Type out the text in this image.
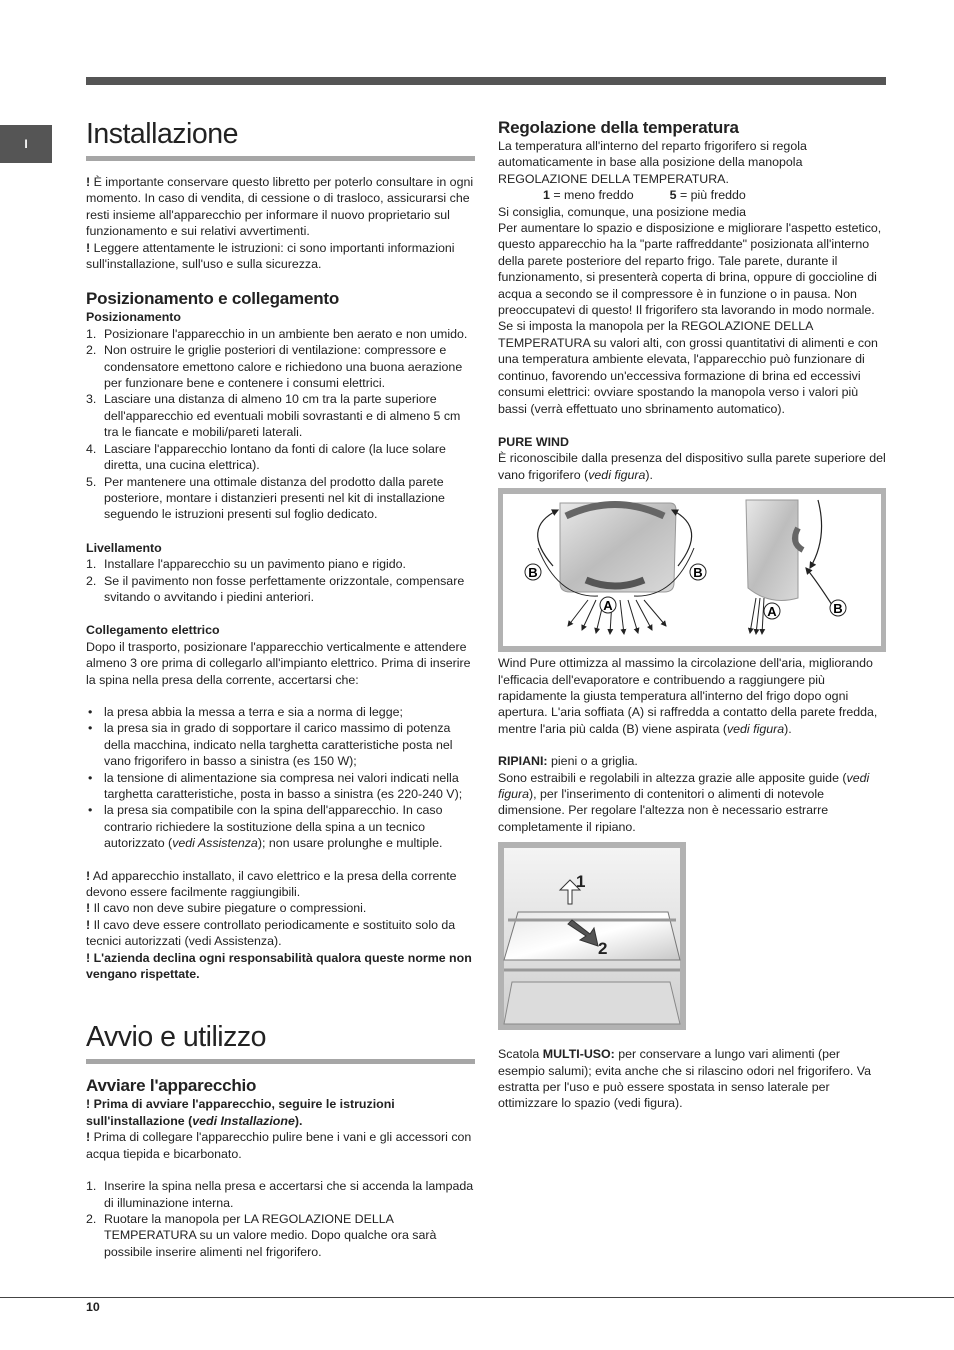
I Installazione

! È importante conservare questo libretto per poterlo consultare in ogni momento. In caso di vendita, di cessione o di trasloco, assicurarsi che resti insieme all'apparecchio per informare il nuovo proprietario sul funzionamento e sui relativi avvertimenti.

! Leggere attentamente le istruzioni: ci sono importanti informazioni sull'installazione, sull'uso e sulla sicurezza.

Posizionamento e collegamento
Posizionamento
1. Posizionare l'apparecchio in un ambiente ben aerato e non umido.
2. Non ostruire le griglie posteriori di ventilazione: compressore e condensatore emettono calore e richiedono una buona aerazione per funzionare bene e contenere i consumi elettrici.
3. Lasciare una distanza di almeno 10 cm tra la parte superiore dell'apparecchio ed eventuali mobili sovrastanti e di almeno 5 cm tra le fiancate e mobili/pareti laterali.
4. Lasciare l'apparecchio lontano da fonti di calore (la luce solare diretta, una cucina elettrica).
5. Per mantenere una ottimale distanza del prodotto dalla parete posteriore, montare i distanzieri presenti nel kit di installazione seguendo le istruzioni presenti sul foglio dedicato.
Livellamento
1. Installare l'apparecchio su un pavimento piano e rigido.
2. Se il pavimento non fosse perfettamente orizzontale, compensare svitando o avvitando i piedini anteriori.
Collegamento elettrico

Dopo il trasporto, posizionare l'apparecchio verticalmente e attendere almeno 3 ore prima di collegarlo all'impianto elettrico. Prima di inserire la spina nella presa della corrente, accertarsi che:

• la presa abbia la messa a terra e sia a norma di legge;
• la presa sia in grado di sopportare il carico massimo di potenza della macchina, indicato nella targhetta caratteristiche posta nel vano frigorifero in basso a sinistra (es 150 W);
• la tensione di alimentazione sia compresa nei valori indicati nella targhetta caratteristiche, posta in basso a sinistra (es 220-240 V);
• la presa sia compatibile con la spina dell'apparecchio. In caso contrario richiedere la sostituzione della spina a un tecnico autorizzato (vedi Assistenza); non usare prolunghe e multiple.

! Ad apparecchio installato, il cavo elettrico e la presa della corrente devono essere facilmente raggiungibili.

! Il cavo non deve subire piegature o compressioni.

! Il cavo deve essere controllato periodicamente e sostituito solo da tecnici autorizzati (vedi Assistenza).

! L'azienda declina ogni responsabilità qualora queste norme non vengano rispettate.

Avvio e utilizzo
Avviare l'apparecchio

! Prima di avviare l'apparecchio, seguire le istruzioni sull'installazione (vedi Installazione).

! Prima di collegare l'apparecchio pulire bene i vani e gli accessori con acqua tiepida e bicarbonato.

1. Inserire la spina nella presa e accertarsi che si accenda la lampada di illuminazione interna.
2. Ruotare la manopola per LA REGOLAZIONE DELLA TEMPERATURA su un valore medio. Dopo qualche ora sarà possibile inserire alimenti nel frigorifero.
Regolazione della temperatura

La temperatura all'interno del reparto frigorifero si regola automaticamente in base alla posizione della manopola REGOLAZIONE DELLA TEMPERATURA.

1 = meno freddo	5 = più freddo

Si consiglia, comunque, una posizione media

Per aumentare lo spazio e disposizione e migliorare l'aspetto estetico, questo apparecchio ha la "parte raffreddante" posizionata all'interno della parete posteriore del reparto frigo. Tale parete, durante il funzionamento, si presenterà coperta di brina, oppure di goccioline di acqua a secondo se il compressore è in funzione o in pausa. Non preoccupatevi di questo! Il frigorifero sta lavorando in modo normale.

Se si imposta la manopola per la REGOLAZIONE DELLA TEMPERATURA su valori alti, con grossi quantitativi di alimenti e con una temperatura ambiente elevata, l'apparecchio può funzionare di continuo, favorendo un'eccessiva formazione di brina ed eccessivi consumi elettrici: ovviare spostando la manopola verso i valori più bassi (verrà effettuato uno sbrinamento automatico).

PURE WIND

È riconoscibile dalla presenza del dispositivo sulla parete superiore del vano frigorifero (vedi figura).

B	B
A	A	B

Wind Pure ottimizza al massimo la circolazione dell'aria, migliorando l'efficacia dell'evaporatore e contribuendo a raggiungere più rapidamente la giusta temperatura all'interno del frigo dopo ogni apertura. L'aria soffiata (A) si raffredda a contatto della parete fredda, mentre l'aria più calda (B) viene aspirata (vedi figura).

RIPIANI: pieni o a griglia.

Sono estraibili e regolabili in altezza grazie alle apposite guide (vedi figura), per l'inserimento di contenitori o alimenti di notevole dimensione. Per regolare l'altezza non è necessario estrarre completamente il ripiano.

1
2

Scatola MULTI-USO: per conservare a lungo vari alimenti (per esempio salumi); evita anche che si rilascino odori nel frigorifero. Va estratta per l'uso e può essere spostata in senso laterale per ottimizzare lo spazio (vedi figura).

10
